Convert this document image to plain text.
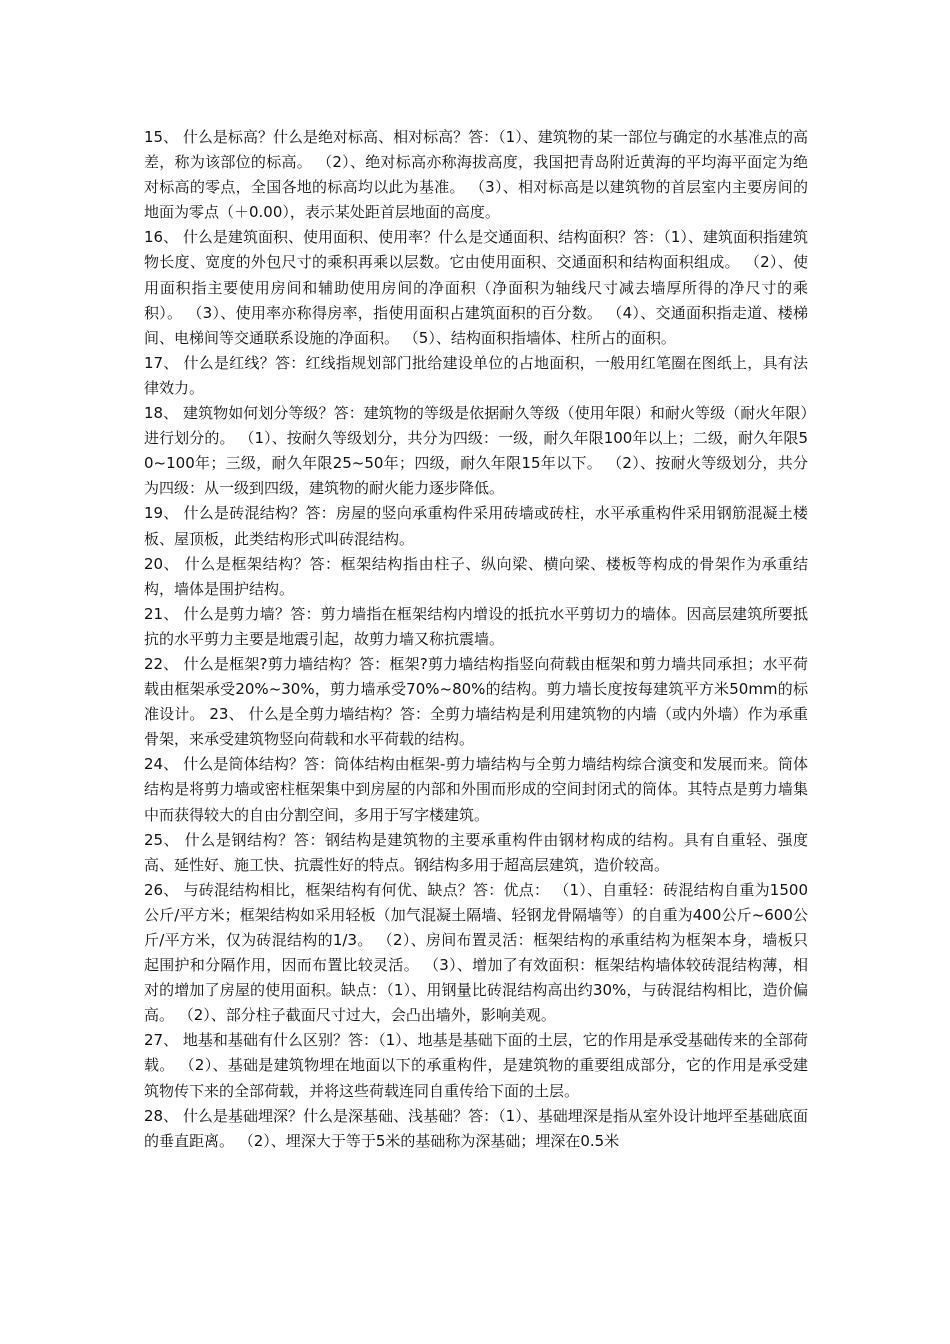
15、 什么是标高？什么是绝对标高、相对标高？答：（1）、建筑物的某一部位与确定的水基准点的高差，称为该部位的标高。 （2）、绝对标高亦称海拔高度，我国把青岛附近黄海的平均海平面定为绝对标高的零点，全国各地的标高均以此为基准。 （3）、相对标高是以建筑物的首层室内主要房间的地面为零点（＋0.00），表示某处距首层地面的高度。

16、 什么是建筑面积、使用面积、使用率？什么是交通面积、结构面积？答：（1）、建筑面积指建筑物长度、宽度的外包尺寸的乘积再乘以层数。它由使用面积、交通面积和结构面积组成。 （2）、使用面积指主要使用房间和辅助使用房间的净面积（净面积为轴线尺寸减去墙厚所得的净尺寸的乘积）。 （3）、使用率亦称得房率，指使用面积占建筑面积的百分数。 （4）、交通面积指走道、楼梯间、电梯间等交通联系设施的净面积。 （5）、结构面积指墙体、柱所占的面积。

17、 什么是红线？答：红线指规划部门批给建设单位的占地面积，一般用红笔圈在图纸上，具有法律效力。

18、 建筑物如何划分等级？答：建筑物的等级是依据耐久等级（使用年限）和耐火等级（耐火年限）进行划分的。 （1）、按耐久等级划分，共分为四级：一级，耐久年限100年以上；二级，耐久年限50~100年；三级，耐久年限25~50年；四级，耐久年限15年以下。 （2）、按耐火等级划分，共分为四级：从一级到四级，建筑物的耐火能力逐步降低。

19、 什么是砖混结构？答：房屋的竖向承重构件采用砖墙或砖柱，水平承重构件采用钢筋混凝土楼板、屋顶板，此类结构形式叫砖混结构。

20、 什么是框架结构？答：框架结构指由柱子、纵向梁、横向梁、楼板等构成的骨架作为承重结构，墙体是围护结构。

21、 什么是剪力墙？答：剪力墙指在框架结构内增设的抵抗水平剪切力的墙体。因高层建筑所要抵抗的水平剪力主要是地震引起，故剪力墙又称抗震墙。

22、 什么是框架?剪力墙结构？答：框架?剪力墙结构指竖向荷载由框架和剪力墙共同承担；水平荷载由框架承受20%~30%，剪力墙承受70%~80%的结构。剪力墙长度按每建筑平方米50mm的标准设计。 23、 什么是全剪力墙结构？答：全剪力墙结构是利用建筑物的内墙（或内外墙）作为承重骨架，来承受建筑物竖向荷载和水平荷载的结构。

24、 什么是筒体结构？答：筒体结构由框架-剪力墙结构与全剪力墙结构综合演变和发展而来。筒体结构是将剪力墙或密柱框架集中到房屋的内部和外围而形成的空间封闭式的筒体。其特点是剪力墙集中而获得较大的自由分割空间，多用于写字楼建筑。

25、 什么是钢结构？答：钢结构是建筑物的主要承重构件由钢材构成的结构。具有自重轻、强度高、延性好、施工快、抗震性好的特点。钢结构多用于超高层建筑，造价较高。

26、 与砖混结构相比，框架结构有何优、缺点？答：优点： （1）、自重轻：砖混结构自重为1500公斤/平方米；框架结构如采用轻板（加气混凝土隔墙、轻钢龙骨隔墙等）的自重为400公斤~600公斤/平方米，仅为砖混结构的1/3。 （2）、房间布置灵活：框架结构的承重结构为框架本身，墙板只起围护和分隔作用，因而布置比较灵活。 （3）、增加了有效面积：框架结构墙体较砖混结构薄，相对的增加了房屋的使用面积。缺点：（1）、用钢量比砖混结构高出约30%，与砖混结构相比，造价偏高。 （2）、部分柱子截面尺寸过大，会凸出墙外，影响美观。

27、 地基和基础有什么区别？答：（1）、地基是基础下面的土层，它的作用是承受基础传来的全部荷载。 （2）、基础是建筑物埋在地面以下的承重构件，是建筑物的重要组成部分，它的作用是承受建筑物传下来的全部荷载，并将这些荷载连同自重传给下面的土层。

28、 什么是基础埋深？什么是深基础、浅基础？答：（1）、基础埋深是指从室外设计地坪至基础底面的垂直距离。 （2）、埋深大于等于5米的基础称为深基础；埋深在0.5米
